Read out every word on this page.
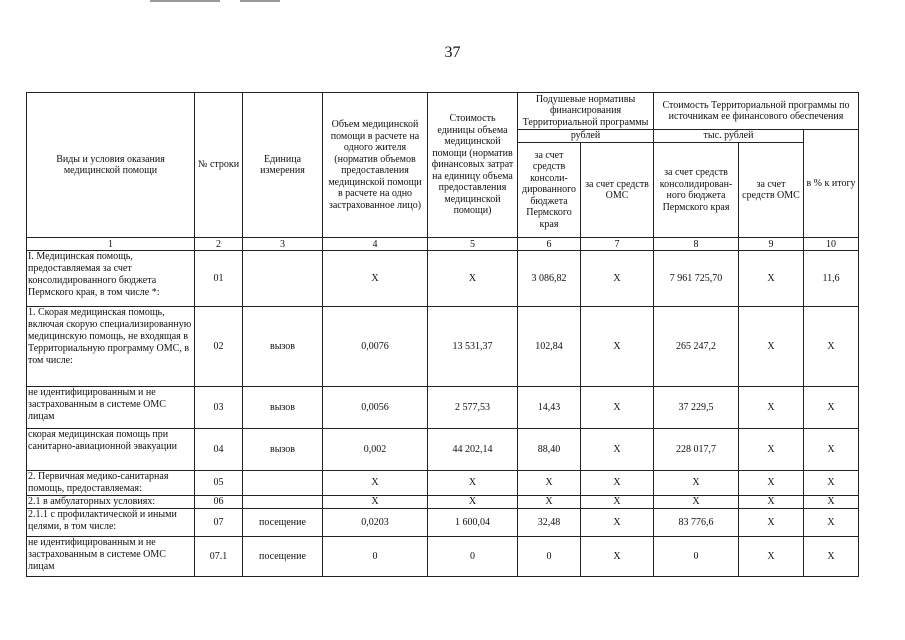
37
Виды и условия оказания медицинской помощи	№ строки	Единица измерения	Объем медицинской помощи в расчете на одного жителя (норматив объемов предоставления медицинской помощи в расчете на одно застрахованное лицо)	Стоимость единицы объема медицинской помощи (норматив финансовых затрат на единицу объема предоставления медицинской помощи)	Подушевые нормативы финансирования Территориальной программы		Стоимость Территориальной программы по источникам ее финансового обеспечения		
					рублей		тыс. рублей		в % к итогу
					за счет средств консоли-дированного бюджета Пермского края	за счет средств ОМС	за счет средств консолидирован-ного бюджета Пермского края	за счет средств ОМС	
1	2	3	4	5	6	7	8	9	10
I. Медицинская помощь, предоставляемая за счет консолидированного бюджета Пермского края, в том числе *:	01		X	X	3 086,82	X	7 961 725,70	X	11,6
1. Скорая медицинская помощь, включая скорую специализированную медицинскую помощь, не входящая в Территориальную программу ОМС, в том числе:	02	вызов	0,0076	13 531,37	102,84	X	265 247,2	X	X
не идентифицированным и не застрахованным в системе ОМС лицам	03	вызов	0,0056	2 577,53	14,43	X	37 229,5	X	X
скорая медицинская помощь при санитарно-авиационной эвакуации	04	вызов	0,002	44 202,14	88,40	X	228 017,7	X	X
2. Первичная медико-санитарная помощь, предоставляемая:	05		X	X	X	X	X	X	X
2.1 в амбулаторных условиях:	06		X	X	X	X	X	X	X
2.1.1 с профилактической и иными целями, в том числе:	07	посещение	0,0203	1 600,04	32,48	X	83 776,6	X	X
не идентифицированным и не застрахованным в системе ОМС лицам	07.1	посещение	0	0	0	X	0	X	X
